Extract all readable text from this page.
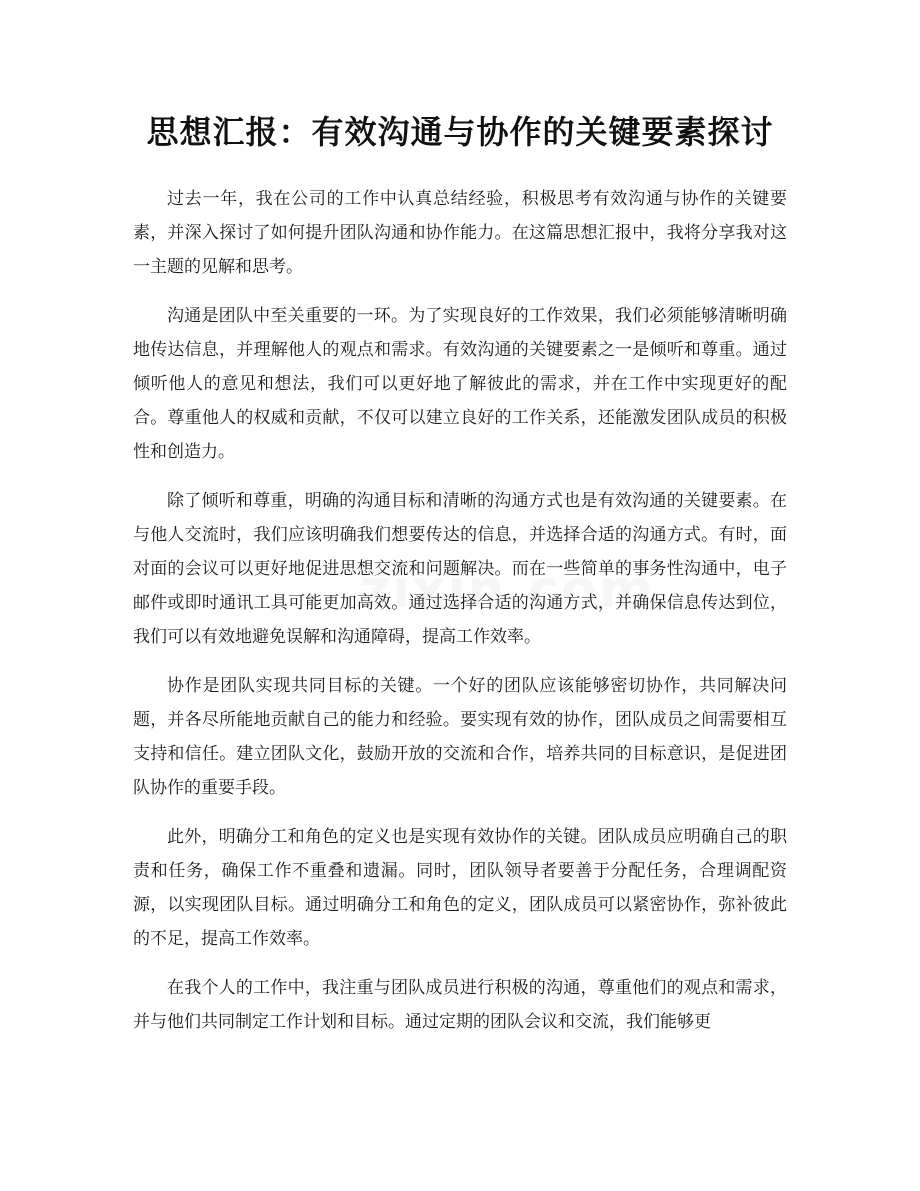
思想汇报：有效沟通与协作的关键要素探讨

过去一年，我在公司的工作中认真总结经验，积极思考有效沟通与协作的关键要素，并深入探讨了如何提升团队沟通和协作能力。在这篇思想汇报中，我将分享我对这一主题的见解和思考。

沟通是团队中至关重要的一环。为了实现良好的工作效果，我们必须能够清晰明确地传达信息，并理解他人的观点和需求。有效沟通的关键要素之一是倾听和尊重。通过倾听他人的意见和想法，我们可以更好地了解彼此的需求，并在工作中实现更好的配合。尊重他人的权威和贡献，不仅可以建立良好的工作关系，还能激发团队成员的积极性和创造力。

除了倾听和尊重，明确的沟通目标和清晰的沟通方式也是有效沟通的关键要素。在与他人交流时，我们应该明确我们想要传达的信息，并选择合适的沟通方式。有时，面对面的会议可以更好地促进思想交流和问题解决。而在一些简单的事务性沟通中，电子邮件或即时通讯工具可能更加高效。通过选择合适的沟通方式，并确保信息传达到位，我们可以有效地避免误解和沟通障碍，提高工作效率。

协作是团队实现共同目标的关键。一个好的团队应该能够密切协作，共同解决问题，并各尽所能地贡献自己的能力和经验。要实现有效的协作，团队成员之间需要相互支持和信任。建立团队文化，鼓励开放的交流和合作，培养共同的目标意识，是促进团队协作的重要手段。

此外，明确分工和角色的定义也是实现有效协作的关键。团队成员应明确自己的职责和任务，确保工作不重叠和遗漏。同时，团队领导者要善于分配任务，合理调配资源，以实现团队目标。通过明确分工和角色的定义，团队成员可以紧密协作，弥补彼此的不足，提高工作效率。

在我个人的工作中，我注重与团队成员进行积极的沟通，尊重他们的观点和需求，并与他们共同制定工作计划和目标。通过定期的团队会议和交流，我们能够更
